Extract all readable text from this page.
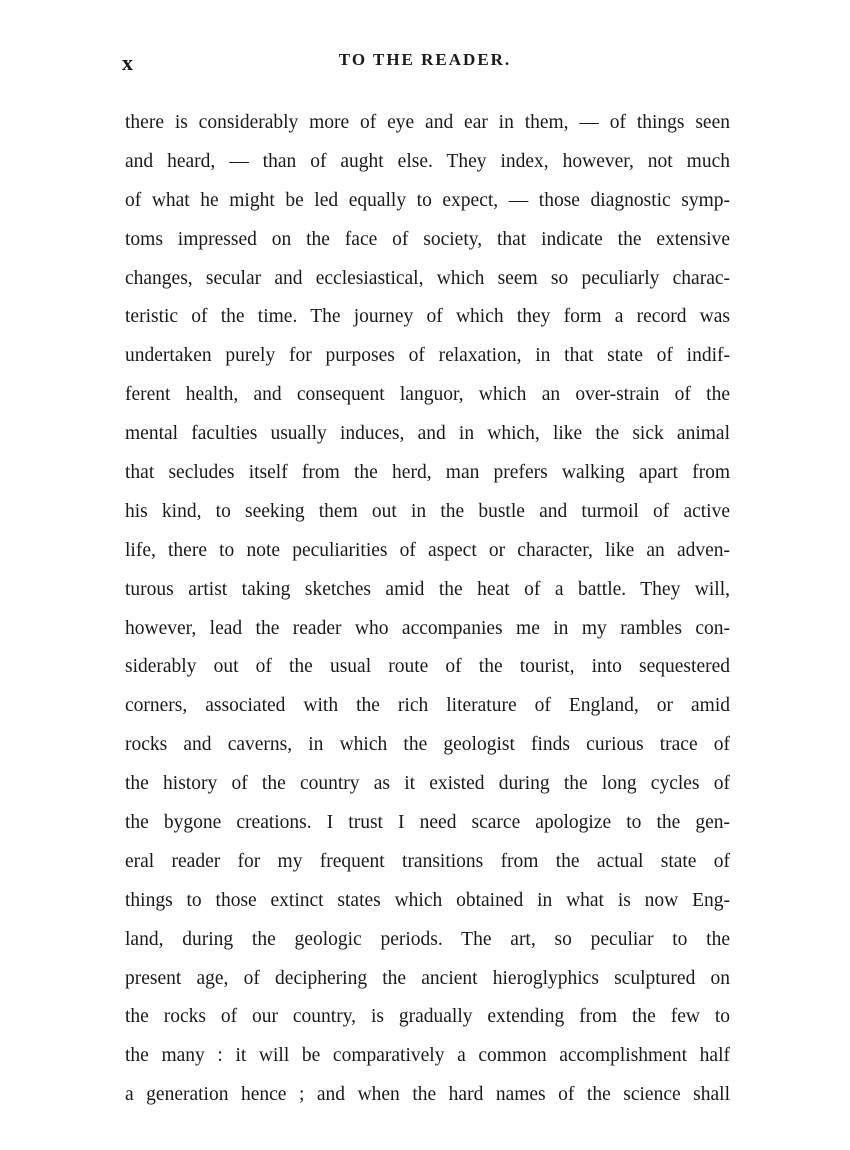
x	TO THE READER.
there is considerably more of eye and ear in them, — of things seen
and heard, — than of aught else. They index, however, not much
of what he might be led equally to expect, — those diagnostic symp-
toms impressed on the face of society, that indicate the extensive
changes, secular and ecclesiastical, which seem so peculiarly charac-
teristic of the time. The journey of which they form a record was
undertaken purely for purposes of relaxation, in that state of indif-
ferent health, and consequent languor, which an over-strain of the
mental faculties usually induces, and in which, like the sick animal
that secludes itself from the herd, man prefers walking apart from
his kind, to seeking them out in the bustle and turmoil of active
life, there to note peculiarities of aspect or character, like an adven-
turous artist taking sketches amid the heat of a battle. They will,
however, lead the reader who accompanies me in my rambles con-
siderably out of the usual route of the tourist, into sequestered
corners, associated with the rich literature of England, or amid
rocks and caverns, in which the geologist finds curious trace of
the history of the country as it existed during the long cycles of
the bygone creations. I trust I need scarce apologize to the gen-
eral reader for my frequent transitions from the actual state of
things to those extinct states which obtained in what is now Eng-
land, during the geologic periods. The art, so peculiar to the
present age, of deciphering the ancient hieroglyphics sculptured on
the rocks of our country, is gradually extending from the few to
the many : it will be comparatively a common accomplishment half
a generation hence ; and when the hard names of the science shall
